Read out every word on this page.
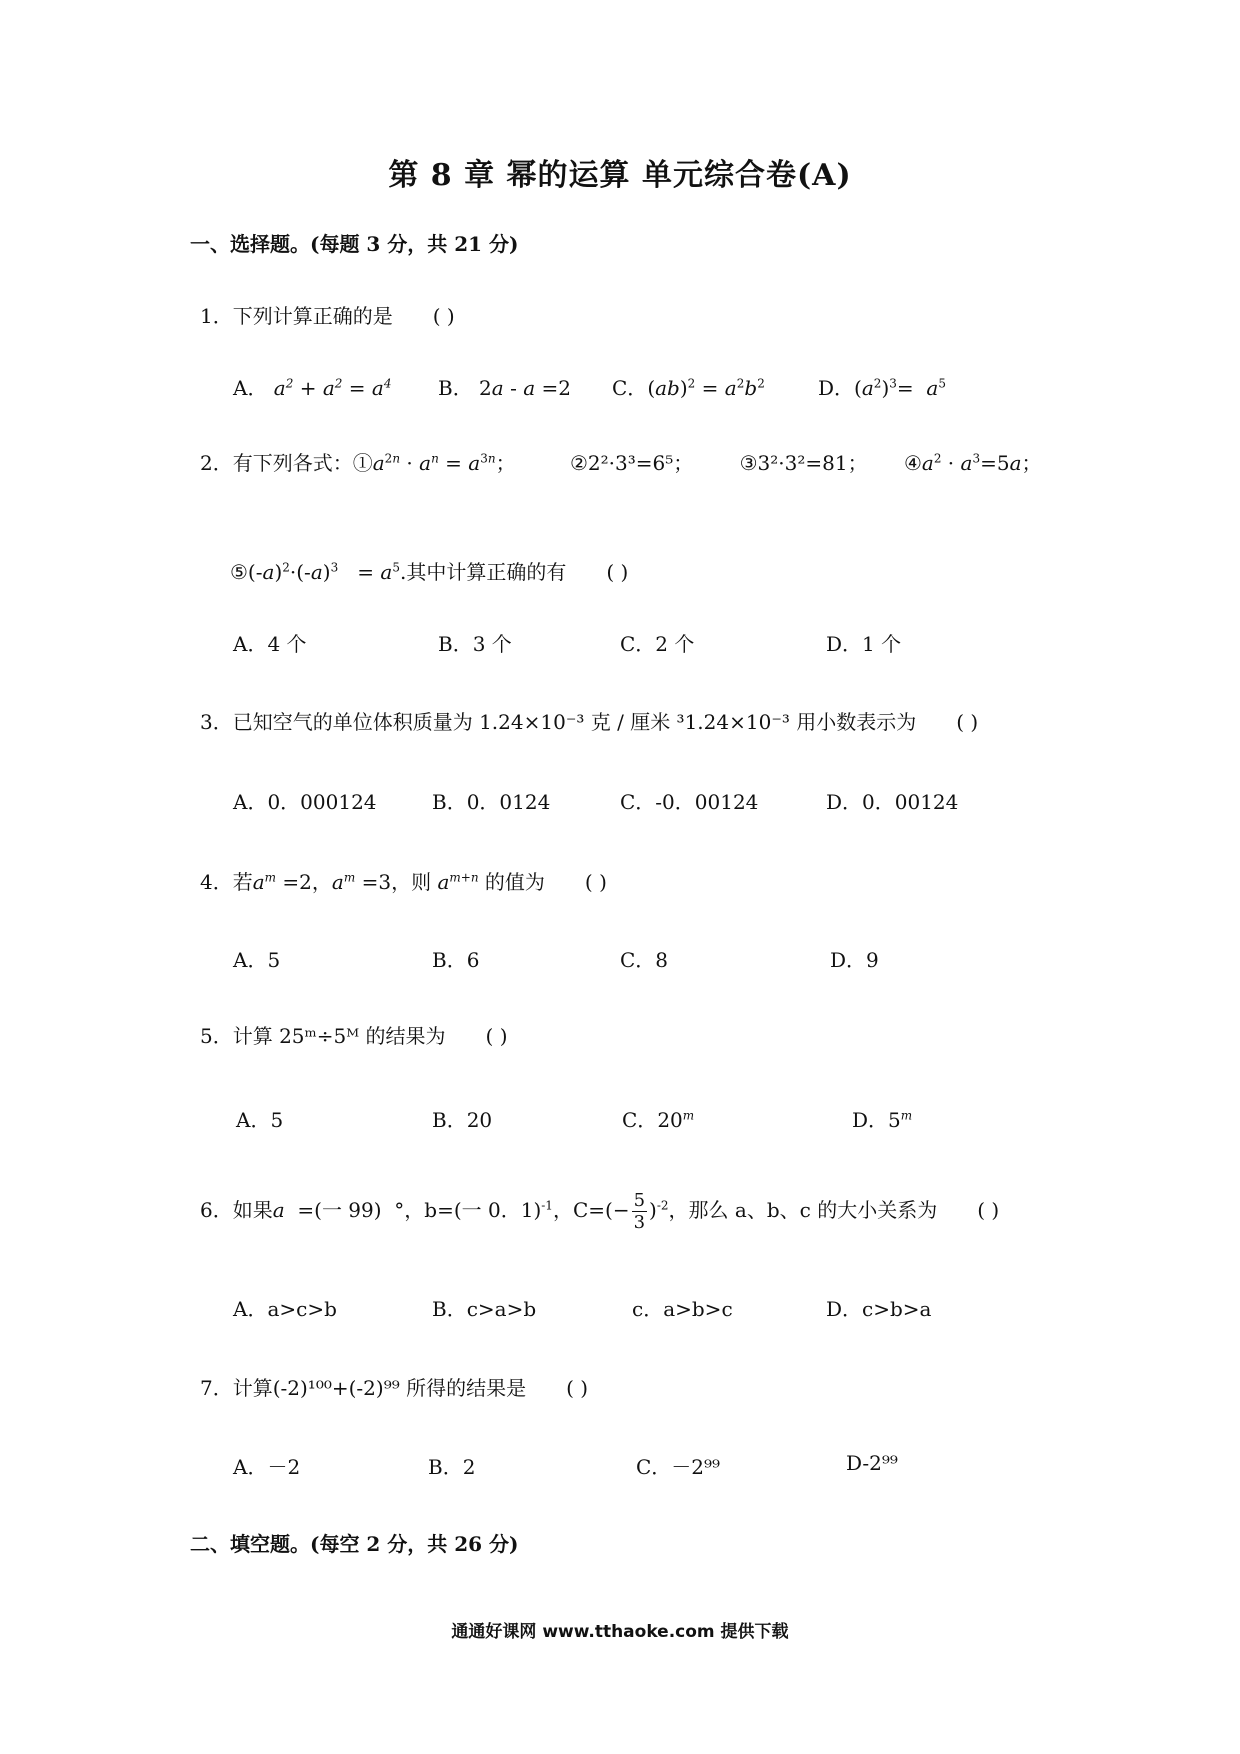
第 8 章 幂的运算 单元综合卷(A)
一、选择题。(每题 3 分，共 21 分)
1．下列计算正确的是 ( )
A． $a^2 + a^2 = a^4$ B． 2a - a =2 C．$(ab)^2 = a^2b^2$	D．$(a^2)^3= a^5$
2．有下列各式：$①a^{2n} \cdot a^n = a^{3n}$； ②2²·3³=6⁵； ③3²·3²=81； $④a^2 \cdot a^3=5a$；
$⑤(-a)^2\cdot(-a)^3 = a^5$.其中计算正确的有 ( )
A．4 个	B．3 个	C．2 个	D．1 个
3．已知空气的单位体积质量为 1.24×10⁻³ 克 / 厘米 ³1.24×10⁻³ 用小数表示为 ( )
A．0．000124	B．0．0124	C．-0．00124	D．0．00124
4．若$a^m =2$，$a^m =3$，则 $a^{m+n}$ 的值为 ( )
A．5	B．6	C．8	D．9
5．计算 25ᵐ÷5ᴹ 的结果为 ( )
A．5	B．20	C．20$^m$	D．5$^m$
6．如果a  =(一 99)  °，b=(一 0．1)$^{-1}$，$C=(- \frac{5}{3} )^{-2}$，那么 a、b、c 的大小关系为 ( )
A．a>c>b	B．c>a>b	c．a>b>c	D．c>b>a
7．计算(-2)¹⁰⁰+(-2)⁹⁹ 所得的结果是 ( )
A．－2	B．2	C．－2⁹⁹	D-2⁹⁹
二、填空题。(每空 2 分，共 26 分)
通通好课网 www.tthaoke.com 提供下载
